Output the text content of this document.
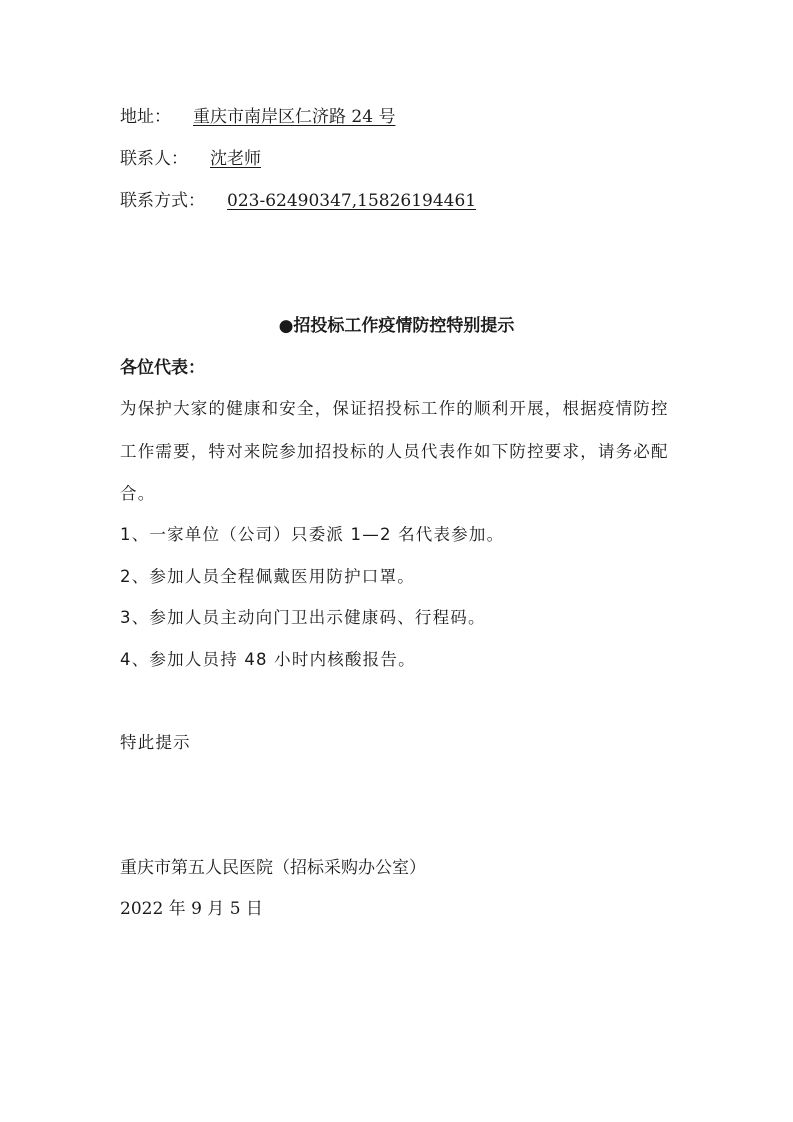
地址： 重庆市南岸区仁济路 24 号
联系人： 沈老师
联系方式： 023-62490347,15826194461
●招投标工作疫情防控特别提示
各位代表：
为保护大家的健康和安全，保证招投标工作的顺利开展，根据疫情防控
工作需要，特对来院参加招投标的人员代表作如下防控要求，请务必配
合。
1、一家单位（公司）只委派 1—2 名代表参加。
2、参加人员全程佩戴医用防护口罩。
3、参加人员主动向门卫出示健康码、行程码。
4、参加人员持 48 小时内核酸报告。
特此提示
重庆市第五人民医院（招标采购办公室）
2022 年 9 月 5 日
